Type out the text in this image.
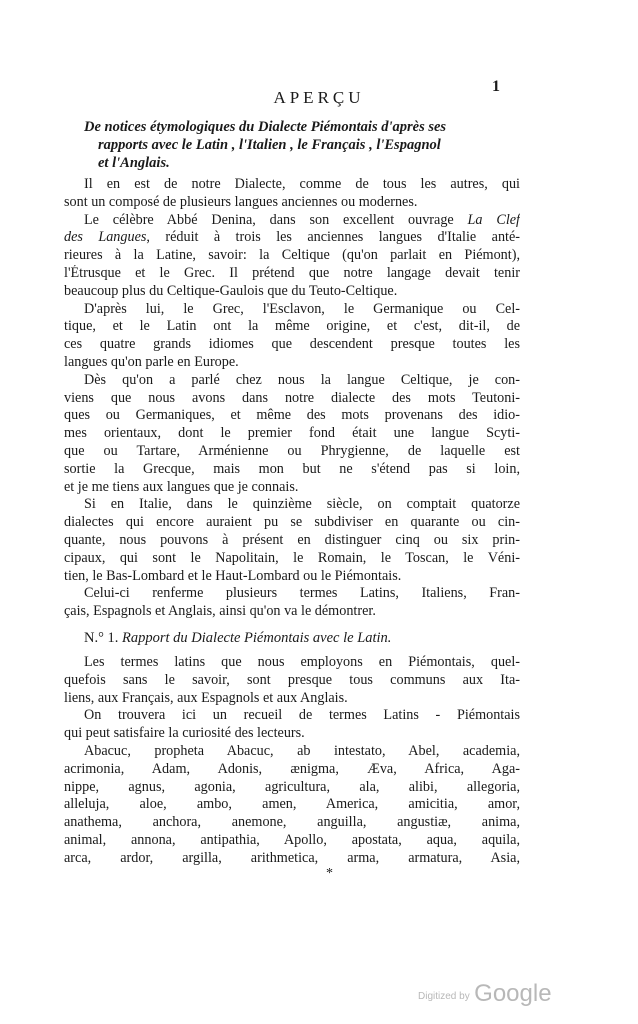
1
APERÇU
De notices étymologiques du Dialecte Piémontais d'après ses
rapports avec le Latin , l'Italien , le Français , l'Espagnol
et l'Anglais.
Il en est de notre Dialecte, comme de tous les autres, qui
sont un composé de plusieurs langues anciennes ou modernes.
Le célèbre Abbé Denina, dans son excellent ouvrage La Clef
des Langues, réduit à trois les anciennes langues d'Italie anté-
rieures à la Latine, savoir: la Celtique (qu'on parlait en Piémont),
l'Étrusque et le Grec. Il prétend que notre langage devait tenir
beaucoup plus du Celtique-Gaulois que du Teuto-Celtique.
D'après lui, le Grec, l'Esclavon, le Germanique ou Cel-
tique, et le Latin ont la même origine, et c'est, dit-il, de
ces quatre grands idiomes que descendent presque toutes les
langues qu'on parle en Europe.
Dès qu'on a parlé chez nous la langue Celtique, je con-
viens que nous avons dans notre dialecte des mots Teutoni-
ques ou Germaniques, et même des mots provenans des idio-
mes orientaux, dont le premier fond était une langue Scyti-
que ou Tartare, Arménienne ou Phrygienne, de laquelle est
sortie la Grecque, mais mon but ne s'étend pas si loin,
et je me tiens aux langues que je connais.
Si en Italie, dans le quinzième siècle, on comptait quatorze
dialectes qui encore auraient pu se subdiviser en quarante ou cin-
quante, nous pouvons à présent en distinguer cinq ou six prin-
cipaux, qui sont le Napolitain, le Romain, le Toscan, le Véni-
tien, le Bas-Lombard et le Haut-Lombard ou le Piémontais.
Celui-ci renferme plusieurs termes Latins, Italiens, Fran-
çais, Espagnols et Anglais, ainsi qu'on va le démontrer.
N.° 1. Rapport du Dialecte Piémontais avec le Latin.
Les termes latins que nous employons en Piémontais, quel-
quefois sans le savoir, sont presque tous communs aux Ita-
liens, aux Français, aux Espagnols et aux Anglais.
On trouvera ici un recueil de termes Latins - Piémontais
qui peut satisfaire la curiosité des lecteurs.
Abacuc, propheta Abacuc, ab intestato, Abel, academia,
acrimonia, Adam, Adonis, ænigma, Æva, Africa, Aga-
nippe, agnus, agonia, agricultura, ala, alibi, allegoria,
alleluja, aloe, ambo, amen, America, amicitia, amor,
anathema, anchora, anemone, anguilla, angustiæ, anima,
animal, annona, antipathia, Apollo, apostata, aqua, aquila,
arca, ardor, argilla, arithmetica, arma, armatura, Asia,
*
Digitized by Google
